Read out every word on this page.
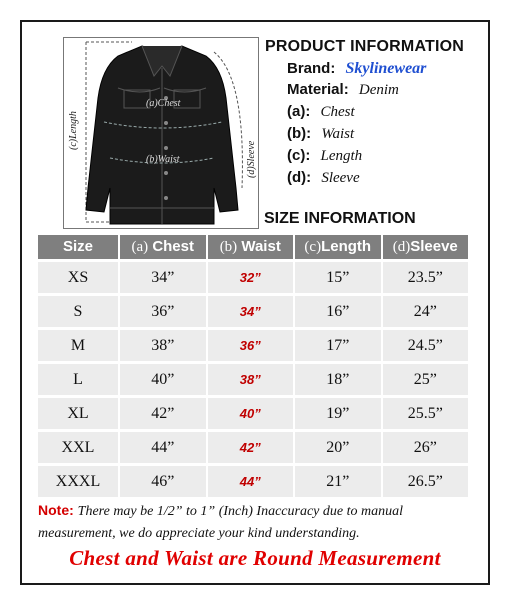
(a)Chest
(b)Waist
(c)Length
(d)Sleeve
PRODUCT INFORMATION
Brand: Skylinewear
Material: Denim
(a): Chest
(b): Waist
(c): Length
(d): Sleeve
SIZE INFORMATION
Size	(a) Chest	(b) Waist	(c)Length	(d)Sleeve
XS	34”	32”	15”	23.5”
S	36”	34”	16”	24”
M	38”	36”	17”	24.5”
L	40”	38”	18”	25”
XL	42”	40”	19”	25.5”
XXL	44”	42”	20”	26”
XXXL	46”	44”	21”	26.5”
Note: There may be 1/2” to 1” (Inch) Inaccuracy due to manual measurement, we do appreciate your kind understanding.
Chest and Waist are Round Measurement
